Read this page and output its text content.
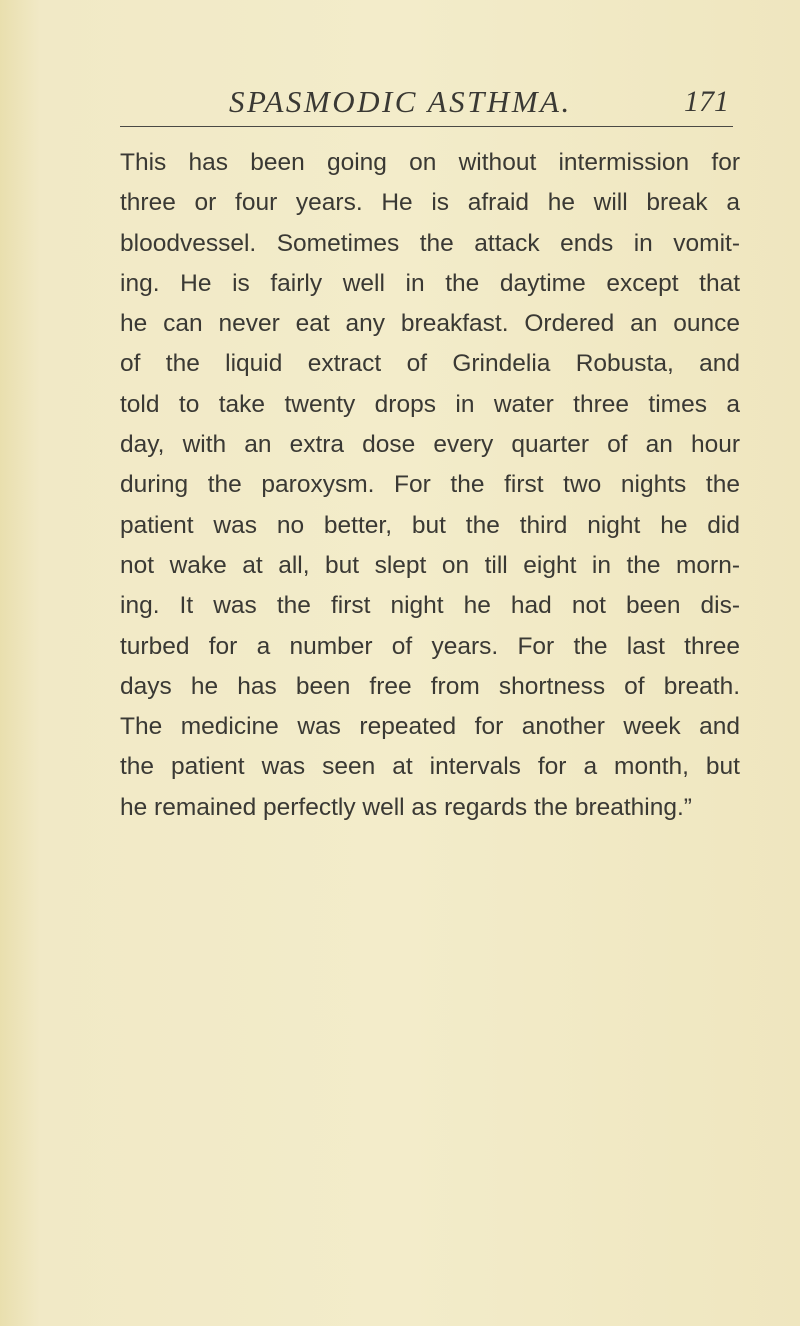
SPASMODIC ASTHMA.	171
This has been going on without intermission for
three or four years. He is afraid he will break a
bloodvessel. Sometimes the attack ends in vomit-
ing. He is fairly well in the daytime except that
he can never eat any breakfast. Ordered an ounce
of the liquid extract of Grindelia Robusta, and
told to take twenty drops in water three times a
day, with an extra dose every quarter of an hour
during the paroxysm. For the first two nights the
patient was no better, but the third night he did
not wake at all, but slept on till eight in the morn-
ing. It was the first night he had not been dis-
turbed for a number of years. For the last three
days he has been free from shortness of breath.
The medicine was repeated for another week and
the patient was seen at intervals for a month, but
he remained perfectly well as regards the breathing.”
